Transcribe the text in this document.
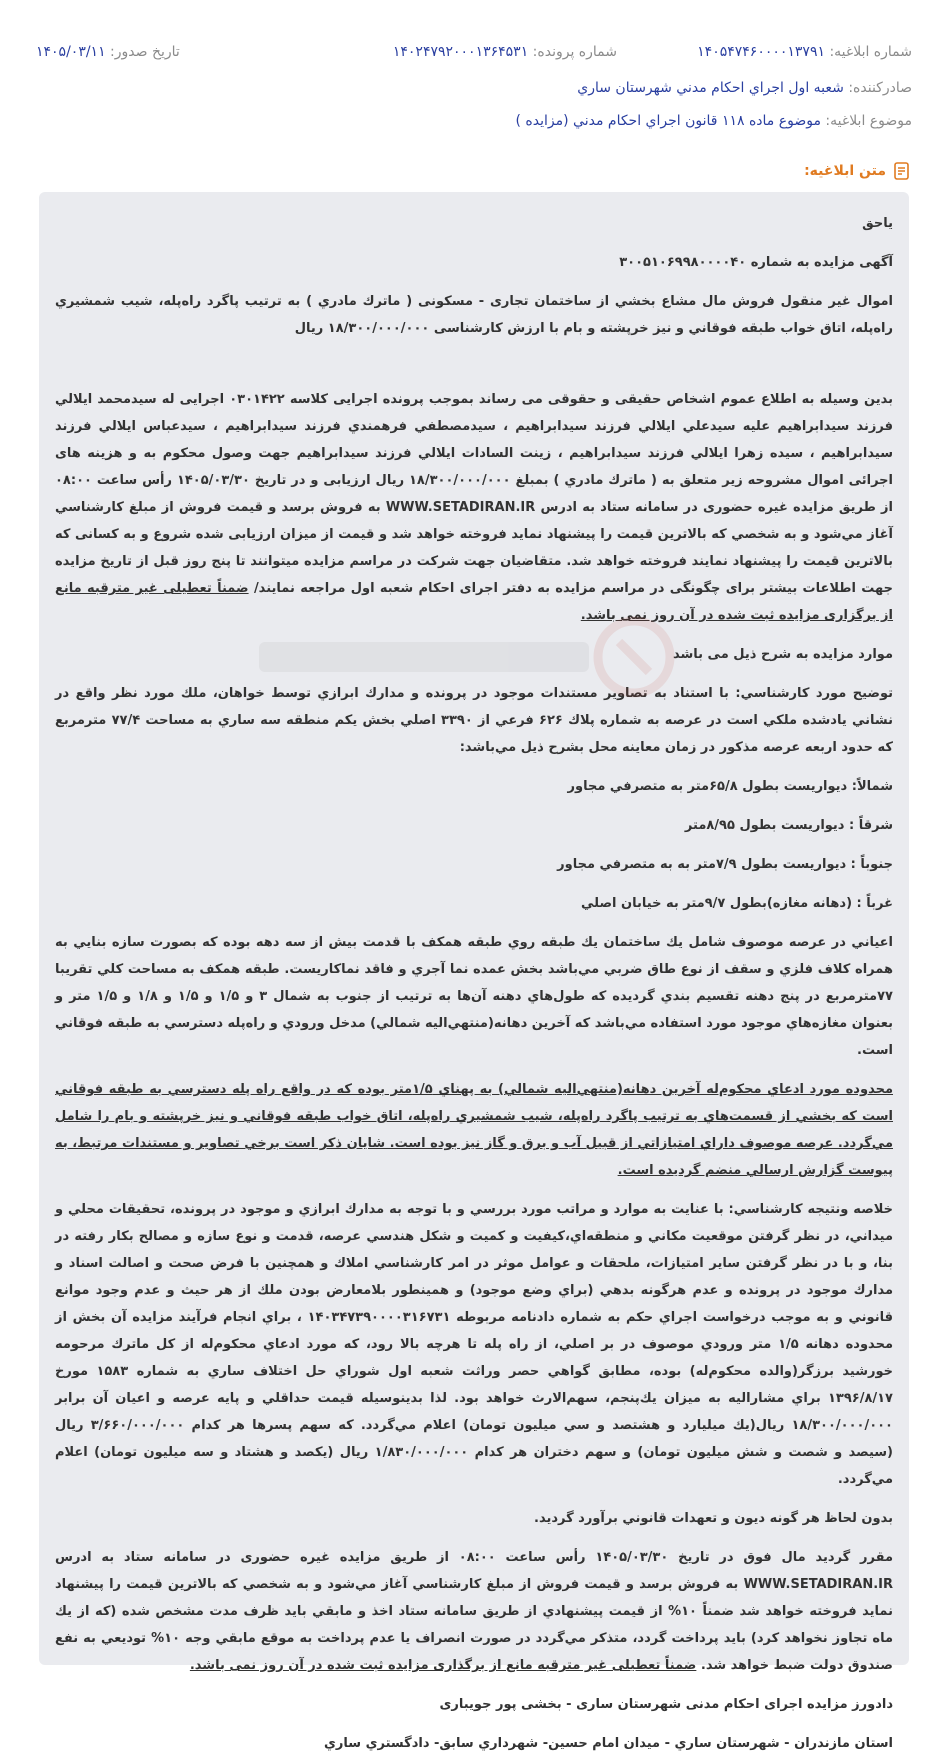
شماره ابلاغیه: ۱۴۰۵۴۷۴۶۰۰۰۰۱۳۷۹۱
شماره پرونده: ۱۴۰۲۴۷۹۲۰۰۰۱۳۶۴۵۳۱
تاریخ صدور: ۱۴۰۵/۰۳/۱۱
صادرکننده: شعبه اول اجراي احكام مدني شهرستان ساري
موضوع ابلاغیه: موضوع ماده ۱۱۸ قانون اجراي احكام مدني (مزايده )
متن ابلاغیه:

یاحق

آگهی مزایده به شماره ۳۰۰۵۱۰۶۹۹۸۰۰۰۰۴۰

اموال غير منقول فروش مال مشاع بخشي از ساختمان تجاری - مسكونی ( ماترك مادري ) به ترتيب پاگرد راه‌پله، شيب شمشيري راه‌پله، اتاق خواب طبقه فوقاني و نيز خرپشته و بام با ارزش كارشناسی ۱۸/۳۰۰/۰۰۰/۰۰۰ ريال

بدین وسیله به اطلاع عموم اشخاص حقیقی و حقوقی می رساند بموجب پرونده اجرایی کلاسه ۰۳۰۱۴۲۲ اجرایی له سيدمحمد ايلالي فرزند سيدابراهيم عليه سيدعلي ايلالي فرزند سيدابراهيم ، سيدمصطفي فرهمندي فرزند سيدابراهيم ، سيدعباس ايلالي فرزند سيدابراهيم ، سيده زهرا ايلالي فرزند سيدابراهيم ، زينت السادات ايلالي فرزند سيدابراهيم جهت وصول محکوم به و هزینه های اجرائی اموال مشروحه زیر متعلق به ( ماترك مادري ) بمبلغ ۱۸/۳۰۰/۰۰۰/۰۰۰ ريال ارزیابی و در تاریخ ۱۴۰۵/۰۳/۳۰ رأس ساعت ۰۸:۰۰ از طریق مزایده غیره حضوری در سامانه ستاد به ادرس WWW.SETADIRAN.IR به فروش برسد و قیمت فروش از مبلغ کارشناسي آغاز مي‌شود و به شخصي که بالاترين قيمت را پيشنهاد نمايد فروخته خواهد شد و قیمت از میزان ارزیابی شده شروع و به کسانی که بالاترین قیمت را پیشنهاد نمایند فروخته خواهد شد. متقاضیان جهت شرکت در مراسم مزایده میتوانند تا پنج روز قبل از تاریخ مزایده جهت اطلاعات بیشتر برای چگونگی در مراسم مزایده به دفتر اجرای احکام شعبه اول مراجعه نمایند/ ضمناً تعطیلی غیر مترقبه مانع از برگزاری مزایده ثبت شده در آن روز نمی باشد.

موارد مزایده به شرح ذیل می باشد

توضيح مورد كارشناسي: با استناد به تصاوير مستندات موجود در پرونده و مدارك ابرازي توسط خواهان، ملك مورد نظر واقع در نشاني يادشده ملكي است در عرصه به شماره پلاك ۶۲۶ فرعي از ۳۳۹۰ اصلي بخش يكم منطقه سه ساري به مساحت ۷۷/۴ مترمربع كه حدود اربعه عرصه مذكور در زمان معاينه محل بشرح ذيل مي‌باشد:

شمالاً: ديواريست بطول ۶۵/۸متر به متصرفي مجاور

شرقاً : ديواريست بطول ۸/۹۵متر

جنوباً : ديواريست بطول ۷/۹متر به به متصرفي مجاور

غرباً : (دهانه مغازه)بطول ۹/۷متر به خيابان اصلي

اعياني در عرصه موصوف شامل يك ساختمان يك طبقه روي طبقه همكف با قدمت بيش از سه دهه بوده كه بصورت سازه بنايي به همراه كلاف فلزي و سقف از نوع طاق ضربي مي‌باشد بخش عمده نما آجري و فاقد نماكاريست. طبقه همكف به مساحت كلي تقريبا ۷۷مترمربع در پنج دهنه تقسيم بندي گرديده كه طول‌هاي دهنه آن‌ها به ترتيب از جنوب به شمال ۳ و ۱/۵ و ۱/۵ و ۱/۸ و ۱/۵ متر و بعنوان مغازه‌هاي موجود مورد استفاده مي‌باشد كه آخرين دهانه(منتهي‌اليه شمالي) مدخل ورودي و راه‌پله دسترسي به طبقه فوقاني است.

محدوده مورد ادعاي محكوم‌له آخرين دهانه(منتهي‌اليه شمالي) به پهناي ۱/۵متر بوده كه در واقع راه پله دسترسي به طبقه فوقاني است كه بخشي از قسمت‌هاي به ترتيب پاگرد راه‌پله، شيب شمشيري راه‌پله، اتاق خواب طبقه فوقاني و نيز خرپشته و بام را شامل مي‌گردد. عرصه موصوف داراي امتيازاتي از قبيل آب و برق و گاز نيز بوده است. شايان ذكر است برخي تصاوير و مستندات مرتبط، به پيوست گزارش ارسالي منضم گرديده است.

خلاصه ونتيجه كارشناسي: با عنايت به موارد و مراتب مورد بررسي و با توجه به مدارك ابرازي و موجود در پرونده، تحقيقات محلي و ميداني، در نظر گرفتن موقعيت مكاني و منطقه‌اي،كيفيت و كميت و شكل هندسي عرصه، قدمت و نوع سازه و مصالح بكار رفته در بنا، و با در نظر گرفتن ساير امتيازات، ملحقات و عوامل موثر در امر كارشناسي املاك و همچنين با فرض صحت و اصالت اسناد و مدارك موجود در پرونده و عدم هرگونه بدهي (براي وضع موجود) و همينطور بلامعارض بودن ملك از هر حيث و عدم وجود موانع قانوني و به موجب درخواست اجراي حكم به شماره دادنامه مربوطه ۱۴۰۳۴۷۳۹۰۰۰۰۳۱۶۷۳۱ ، براي انجام فرآيند مزايده آن بخش از محدوده دهانه ۱/۵ متر ورودي موصوف در بر اصلي، از راه پله تا هرچه بالا رود، كه مورد ادعاي محكوم‌له از كل ماترك مرحومه خورشيد برزگر(والده محكوم‌له) بوده، مطابق گواهي حصر وراثت شعبه اول شوراي حل اختلاف ساري به شماره ۱۵۸۳ مورخ ۱۳۹۶/۸/۱۷ براي مشاراليه به ميزان يك‌پنجم، سهم‌الارث خواهد بود. لذا بدينوسيله قيمت حداقلي و پايه عرصه و اعيان آن برابر ۱۸/۳۰۰/۰۰۰/۰۰۰ ريال(يك ميليارد و هشتصد و سي ميليون تومان) اعلام مي‌گردد. كه سهم پسرها هر كدام ۳/۶۶۰/۰۰۰/۰۰۰ ريال (سيصد و شصت و شش ميليون تومان) و سهم دختران هر كدام ۱/۸۳۰/۰۰۰/۰۰۰ ريال (يكصد و هشتاد و سه ميليون تومان) اعلام مي‌گردد.

بدون لحاظ هر گونه ديون و تعهدات قانوني برآورد گرديد.

مقرر گردید مال فوق در تاریخ ۱۴۰۵/۰۳/۳۰ رأس ساعت ۰۸:۰۰ از طریق مزایده غیره حضوری در سامانه ستاد به ادرس WWW.SETADIRAN.IR به فروش برسد و قیمت فروش از مبلغ کارشناسي آغاز مي‌شود و به شخصي که بالاترين قيمت را پيشنهاد نمايد فروخته خواهد شد ضمناً ۱۰% از قیمت پیشنهادي از طريق سامانه ستاد اخذ و مابقي بايد ظرف مدت مشخص شده (كه از يك ماه تجاوز نخواهد كرد) بايد پرداخت گردد، متذكر مي‌گردد در صورت انصراف يا عدم پرداخت به موقع مابقي وجه ۱۰% توديعي به نفع صندوق دولت ضبط خواهد شد. ضمناً تعطیلی غیر مترقبه مانع از برگذاری مزایده ثبت شده در آن روز نمی باشد.

دادورز مزایده اجرای احکام مدنی شهرستان ساری - بخشی پور جویباری

استان مازندران - شهرستان ساري - ميدان امام حسين- شهرداري سابق- دادگستري ساري
